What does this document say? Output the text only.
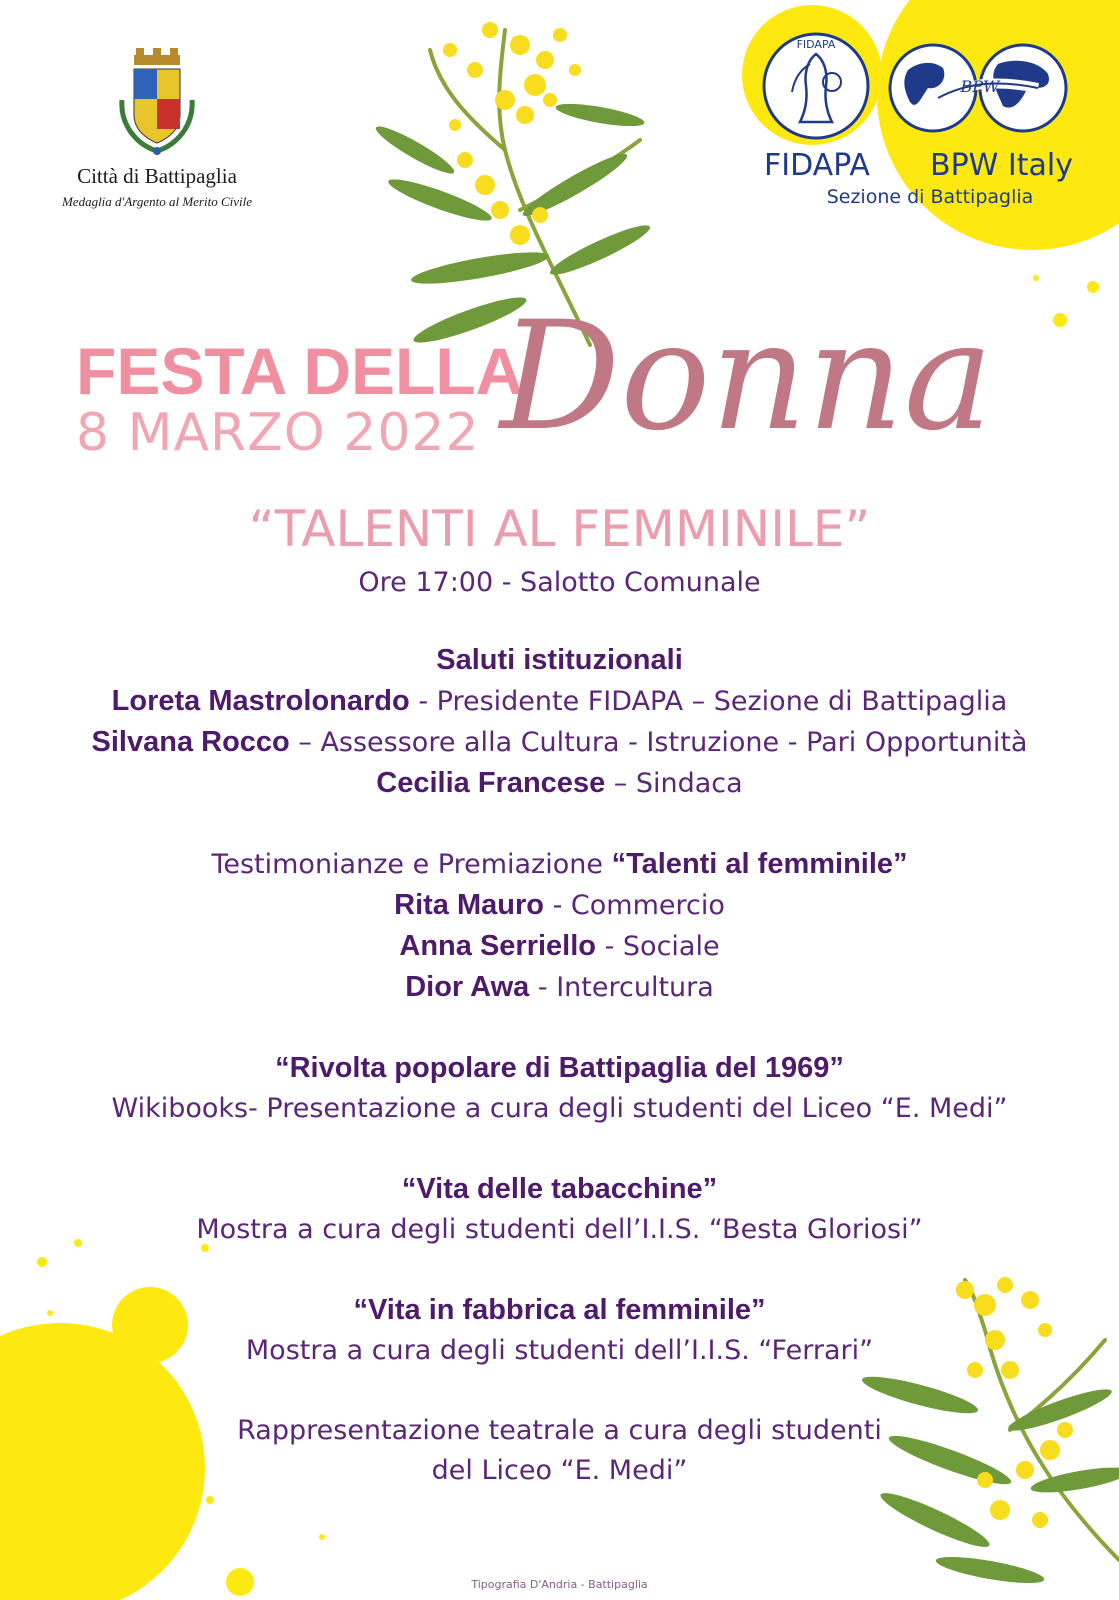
Città di Battipaglia
Medaglia d'Argento al Merito Civile
FIDAPA
BPW
FIDAPA BPW Italy
Sezione di Battipaglia
FESTA DELLA
8 MARZO 2022 Donna
“TALENTI AL FEMMINILE”
Ore 17:00 - Salotto Comunale
Saluti istituzionali
Loreta Mastrolonardo - Presidente FIDAPA – Sezione di Battipaglia
Silvana Rocco – Assessore alla Cultura - Istruzione - Pari Opportunità
Cecilia Francese – Sindaca
Testimonianze e Premiazione “Talenti al femminile”
Rita Mauro - Commercio
Anna Serriello - Sociale
Dior Awa - Intercultura
“Rivolta popolare di Battipaglia del 1969”
Wikibooks- Presentazione a cura degli studenti del Liceo “E. Medi”
“Vita delle tabacchine”
Mostra a cura degli studenti dell’I.I.S. “Besta Gloriosi”
“Vita in fabbrica al femminile”
Mostra a cura degli studenti dell’I.I.S. “Ferrari”
Rappresentazione teatrale a cura degli studenti
del Liceo “E. Medi”
Tipografia D'Andria - Battipaglia
